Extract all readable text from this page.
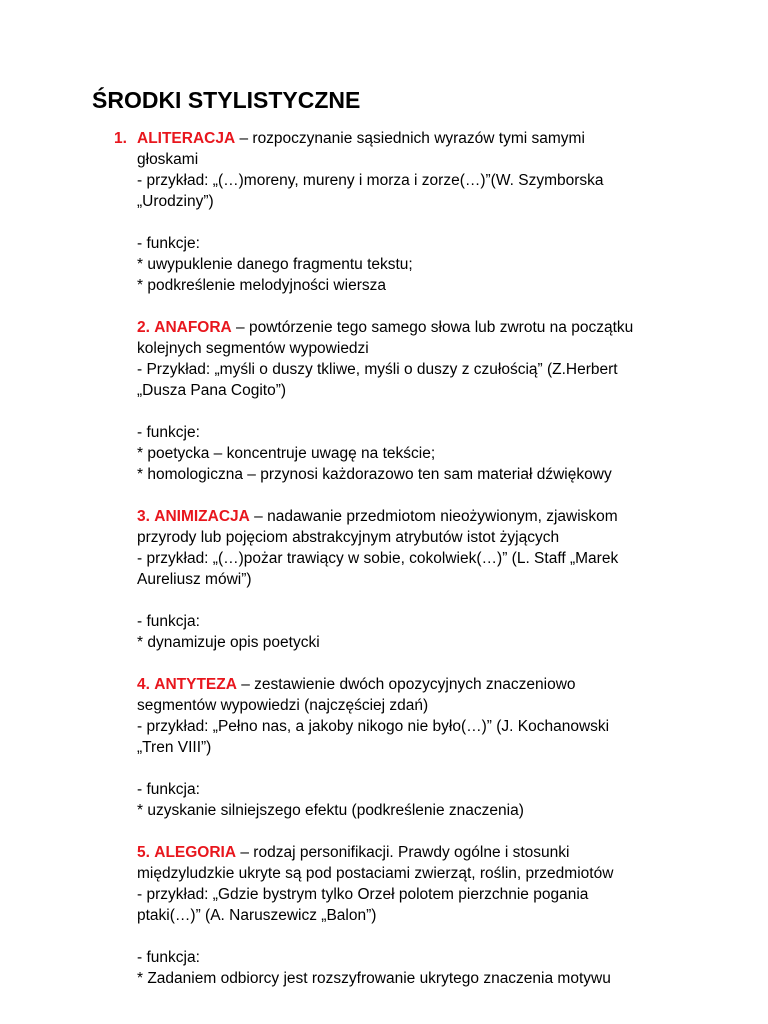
ŚRODKI STYLISTYCZNE
1. ALITERACJA – rozpoczynanie sąsiednich wyrazów tymi samymi
głoskami
- przykład: „(…)moreny, mureny i morza i zorze(…)”(W. Szymborska
„Urodziny”)
- funkcje:
* uwypuklenie danego fragmentu tekstu;
* podkreślenie melodyjności wiersza
2. ANAFORA – powtórzenie tego samego słowa lub zwrotu na początku
kolejnych segmentów wypowiedzi
- Przykład: „myśli o duszy tkliwe, myśli o duszy z czułością” (Z.Herbert
„Dusza Pana Cogito”)
- funkcje:
* poetycka – koncentruje uwagę na tekście;
* homologiczna – przynosi każdorazowo ten sam materiał dźwiękowy
3. ANIMIZACJA – nadawanie przedmiotom nieożywionym, zjawiskom
przyrody lub pojęciom abstrakcyjnym atrybutów istot żyjących
- przykład: „(…)pożar trawiący w sobie, cokolwiek(…)” (L. Staff „Marek
Aureliusz mówi”)
- funkcja:
* dynamizuje opis poetycki
4. ANTYTEZA – zestawienie dwóch opozycyjnych znaczeniowo
segmentów wypowiedzi (najczęściej zdań)
- przykład: „Pełno nas, a jakoby nikogo nie było(…)” (J. Kochanowski
„Tren VIII”)
- funkcja:
* uzyskanie silniejszego efektu (podkreślenie znaczenia)
5. ALEGORIA – rodzaj personifikacji. Prawdy ogólne i stosunki
międzyludzkie ukryte są pod postaciami zwierząt, roślin, przedmiotów
- przykład: „Gdzie bystrym tylko Orzeł polotem pierzchnie pogania
ptaki(…)” (A. Naruszewicz „Balon”)
- funkcja:
* Zadaniem odbiorcy jest rozszyfrowanie ukrytego znaczenia motywu
